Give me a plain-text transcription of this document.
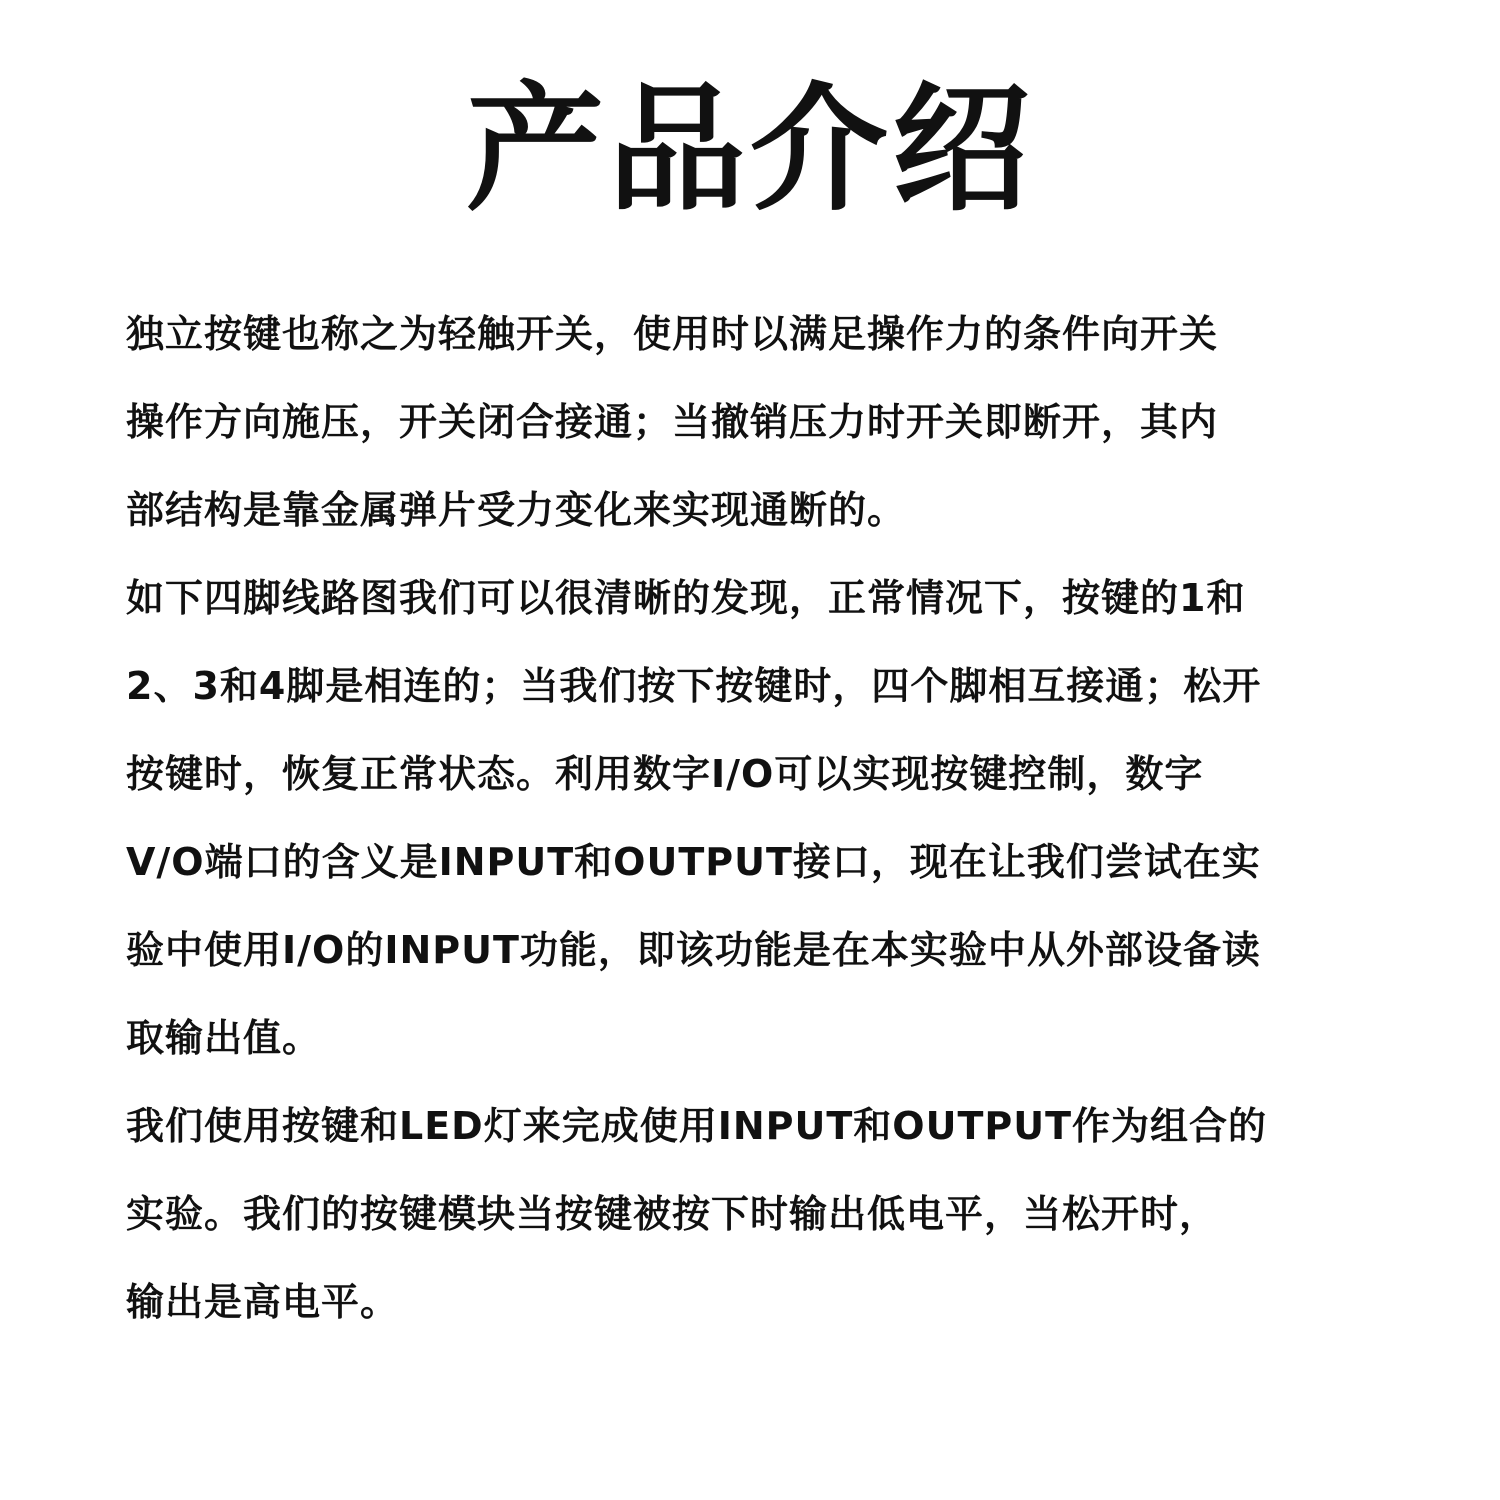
产品介绍
独立按键也称之为轻触开关，使用时以满足操作力的条件向开关
操作方向施压，开关闭合接通；当撤销压力时开关即断开，其内
部结构是靠金属弹片受力变化来实现通断的。
如下四脚线路图我们可以很清晰的发现，正常情况下，按键的1和
2、3和4脚是相连的；当我们按下按键时，四个脚相互接通；松开
按键时，恢复正常状态。利用数字I/O可以实现按键控制，数字
V/O端口的含义是INPUT和OUTPUT接口，现在让我们尝试在实
验中使用I/O的INPUT功能，即该功能是在本实验中从外部设备读
取输出值。
我们使用按键和LED灯来完成使用INPUT和OUTPUT作为组合的
实验。我们的按键模块当按键被按下时输出低电平，当松开时，
输出是高电平。
